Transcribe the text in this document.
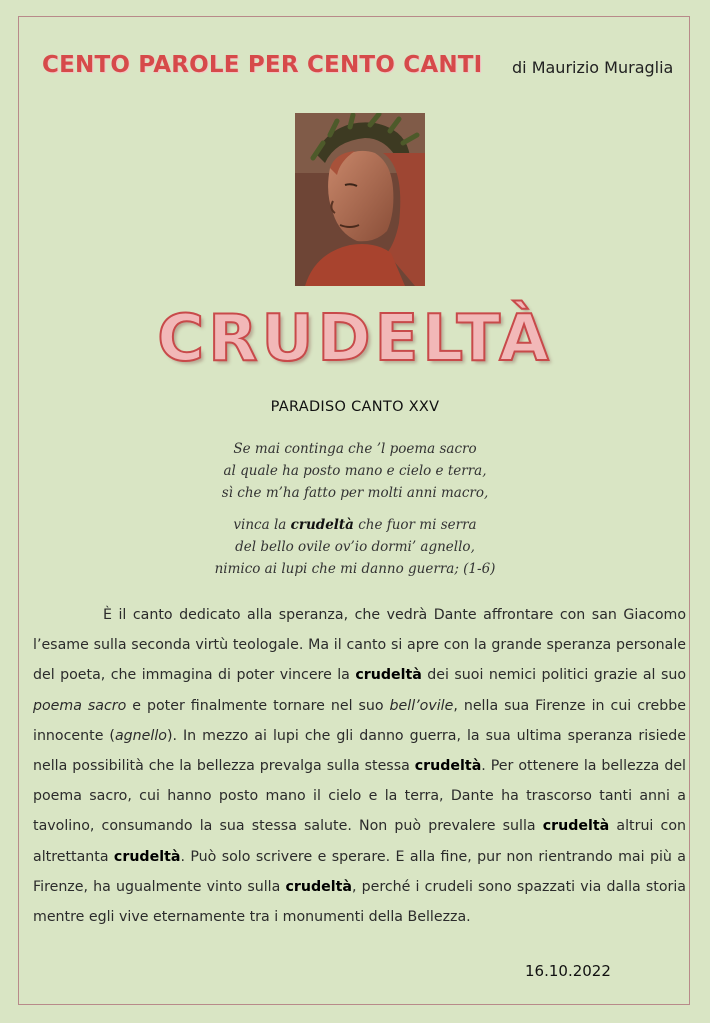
CENTO PAROLE PER CENTO CANTI di Maurizio Muraglia
CRUDELTÀ
PARADISO CANTO XXV
Se mai continga che ’l poema sacro
al quale ha posto mano e cielo e terra,
sì che m’ha fatto per molti anni macro,
vinca la crudeltà che fuor mi serra
del bello ovile ov’io dormi’ agnello,
nimico ai lupi che mi danno guerra; (1-6)
È il canto dedicato alla speranza, che vedrà Dante affrontare con san Giacomo l’esame sulla seconda virtù teologale. Ma il canto si apre con la grande speranza personale del poeta, che immagina di poter vincere la crudeltà dei suoi nemici politici grazie al suo poema sacro e poter finalmente tornare nel suo bell’ovile, nella sua Firenze in cui crebbe innocente (agnello). In mezzo ai lupi che gli danno guerra, la sua ultima speranza risiede nella possibilità che la bellezza prevalga sulla stessa crudeltà. Per ottenere la bellezza del poema sacro, cui hanno posto mano il cielo e la terra, Dante ha trascorso tanti anni a tavolino, consumando la sua stessa salute. Non può prevalere sulla crudeltà altrui con altrettanta crudeltà. Può solo scrivere e sperare. E alla fine, pur non rientrando mai più a Firenze, ha ugualmente vinto sulla crudeltà, perché i crudeli sono spazzati via dalla storia mentre egli vive eternamente tra i monumenti della Bellezza.
16.10.2022
